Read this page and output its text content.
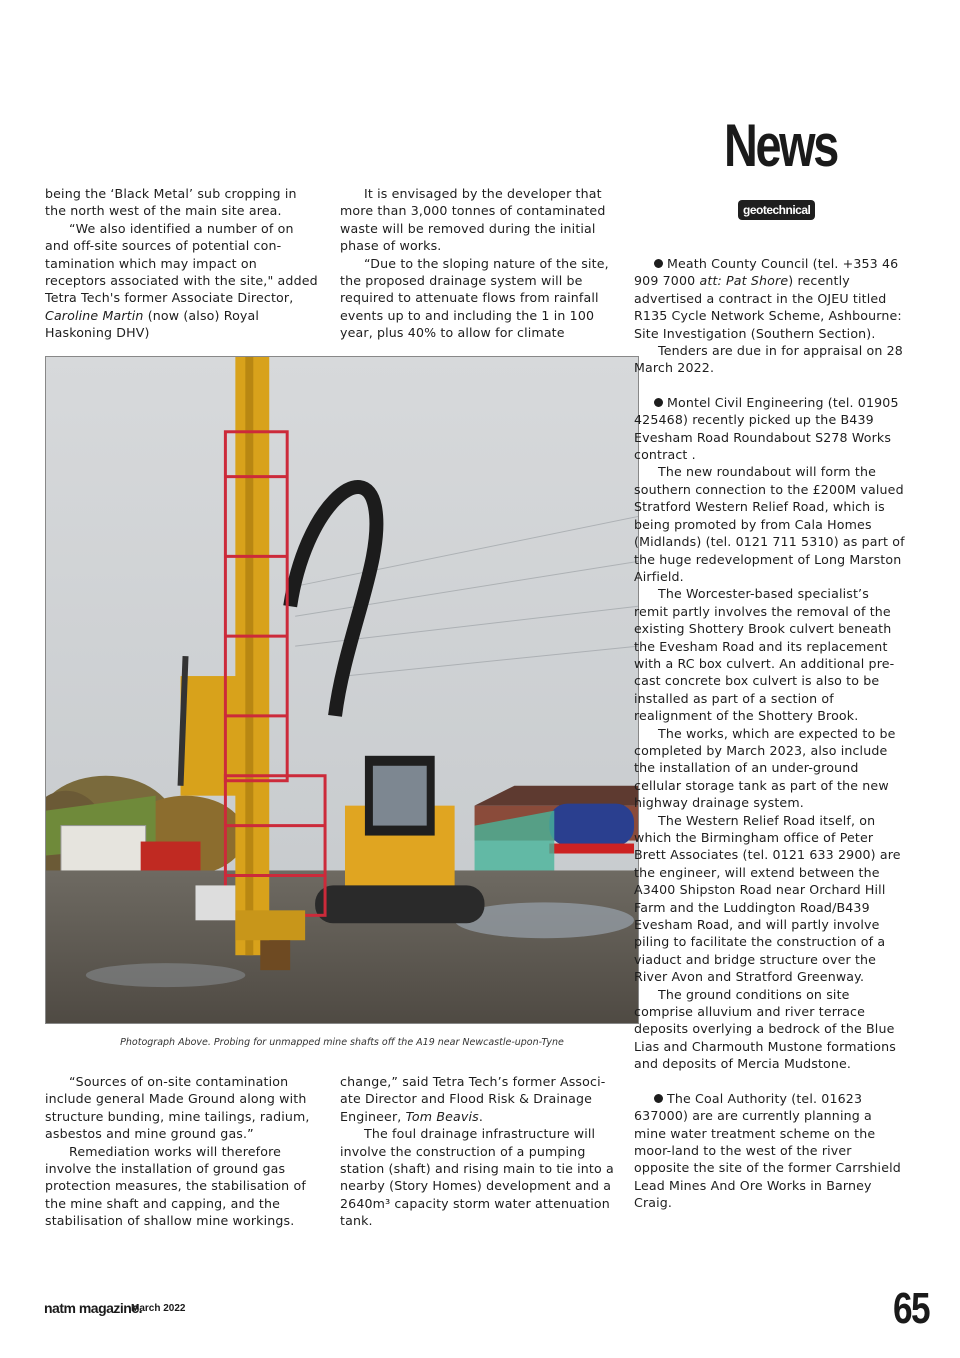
News
geotechnical

being the ‘Black Metal’ sub cropping in the north west of the main site area.

“We also identified a number of on and off-site sources of potential con-tamination which may impact on receptors associated with the site," added Tetra Tech's former Associate Director, Caroline Martin (now (also) Royal Haskoning DHV)

It is envisaged by the developer that more than 3,000 tonnes of contaminated waste will be removed during the initial phase of works.

“Due to the sloping nature of the site, the proposed drainage system will be required to attenuate flows from rainfall events up to and including the 1 in 100 year, plus 40% to allow for climate

Photograph Above. Probing for unmapped mine shafts off the A19 near Newcastle-upon-Tyne

“Sources of on-site contamination include general Made Ground along with structure bunding, mine tailings, radium, asbestos and mine ground gas.”

Remediation works will therefore involve the installation of ground gas protection measures, the stabilisation of the mine shaft and capping, and the stabilisation of shallow mine workings.

change,” said Tetra Tech’s former Associ-ate Director and Flood Risk & Drainage Engineer, Tom Beavis.

The foul drainage infrastructure will involve the construction of a pumping station (shaft) and rising main to tie into a nearby (Story Homes) development and a 2640m³ capacity storm water attenuation tank.

Meath County Council (tel. +353 46 909 7000 att: Pat Shore) recently advertised a contract in the OJEU titled R135 Cycle Network Scheme, Ashbourne: Site Investigation (Southern Section).

Tenders are due in for appraisal on 28 March 2022.

Montel Civil Engineering (tel. 01905 425468) recently picked up the B439 Evesham Road Roundabout S278 Works contract .

The new roundabout will form the southern connection to the £200M valued Stratford Western Relief Road, which is being promoted by from Cala Homes (Midlands) (tel. 0121 711 5310) as part of the huge redevelopment of Long Marston Airfield.

The Worcester-based specialist’s remit partly involves the removal of the existing Shottery Brook culvert beneath the Evesham Road and its replacement with a RC box culvert. An additional pre-cast concrete box culvert is also to be installed as part of a section of realignment of the Shottery Brook.

The works, which are expected to be completed by March 2023, also include the installation of an under-ground cellular storage tank as part of the new highway drainage system.

The Western Relief Road itself, on which the Birmingham office of Peter Brett Associates (tel. 0121 633 2900) are the engineer, will extend between the A3400 Shipston Road near Orchard Hill Farm and the Luddington Road/B439 Evesham Road, and will partly involve piling to facilitate the construction of a viaduct and bridge structure over the River Avon and Stratford Greenway.

The ground conditions on site comprise alluvium and river terrace deposits overlying a bedrock of the Blue Lias and Charmouth Mustone formations and deposits of Mercia Mudstone.

The Coal Authority (tel. 01623 637000) are are currently planning a mine water treatment scheme on the moor-land to the west of the river opposite the site of the former Carrshield Lead Mines And Ore Works in Barney Craig.

natm magazine.
March 2022	65
